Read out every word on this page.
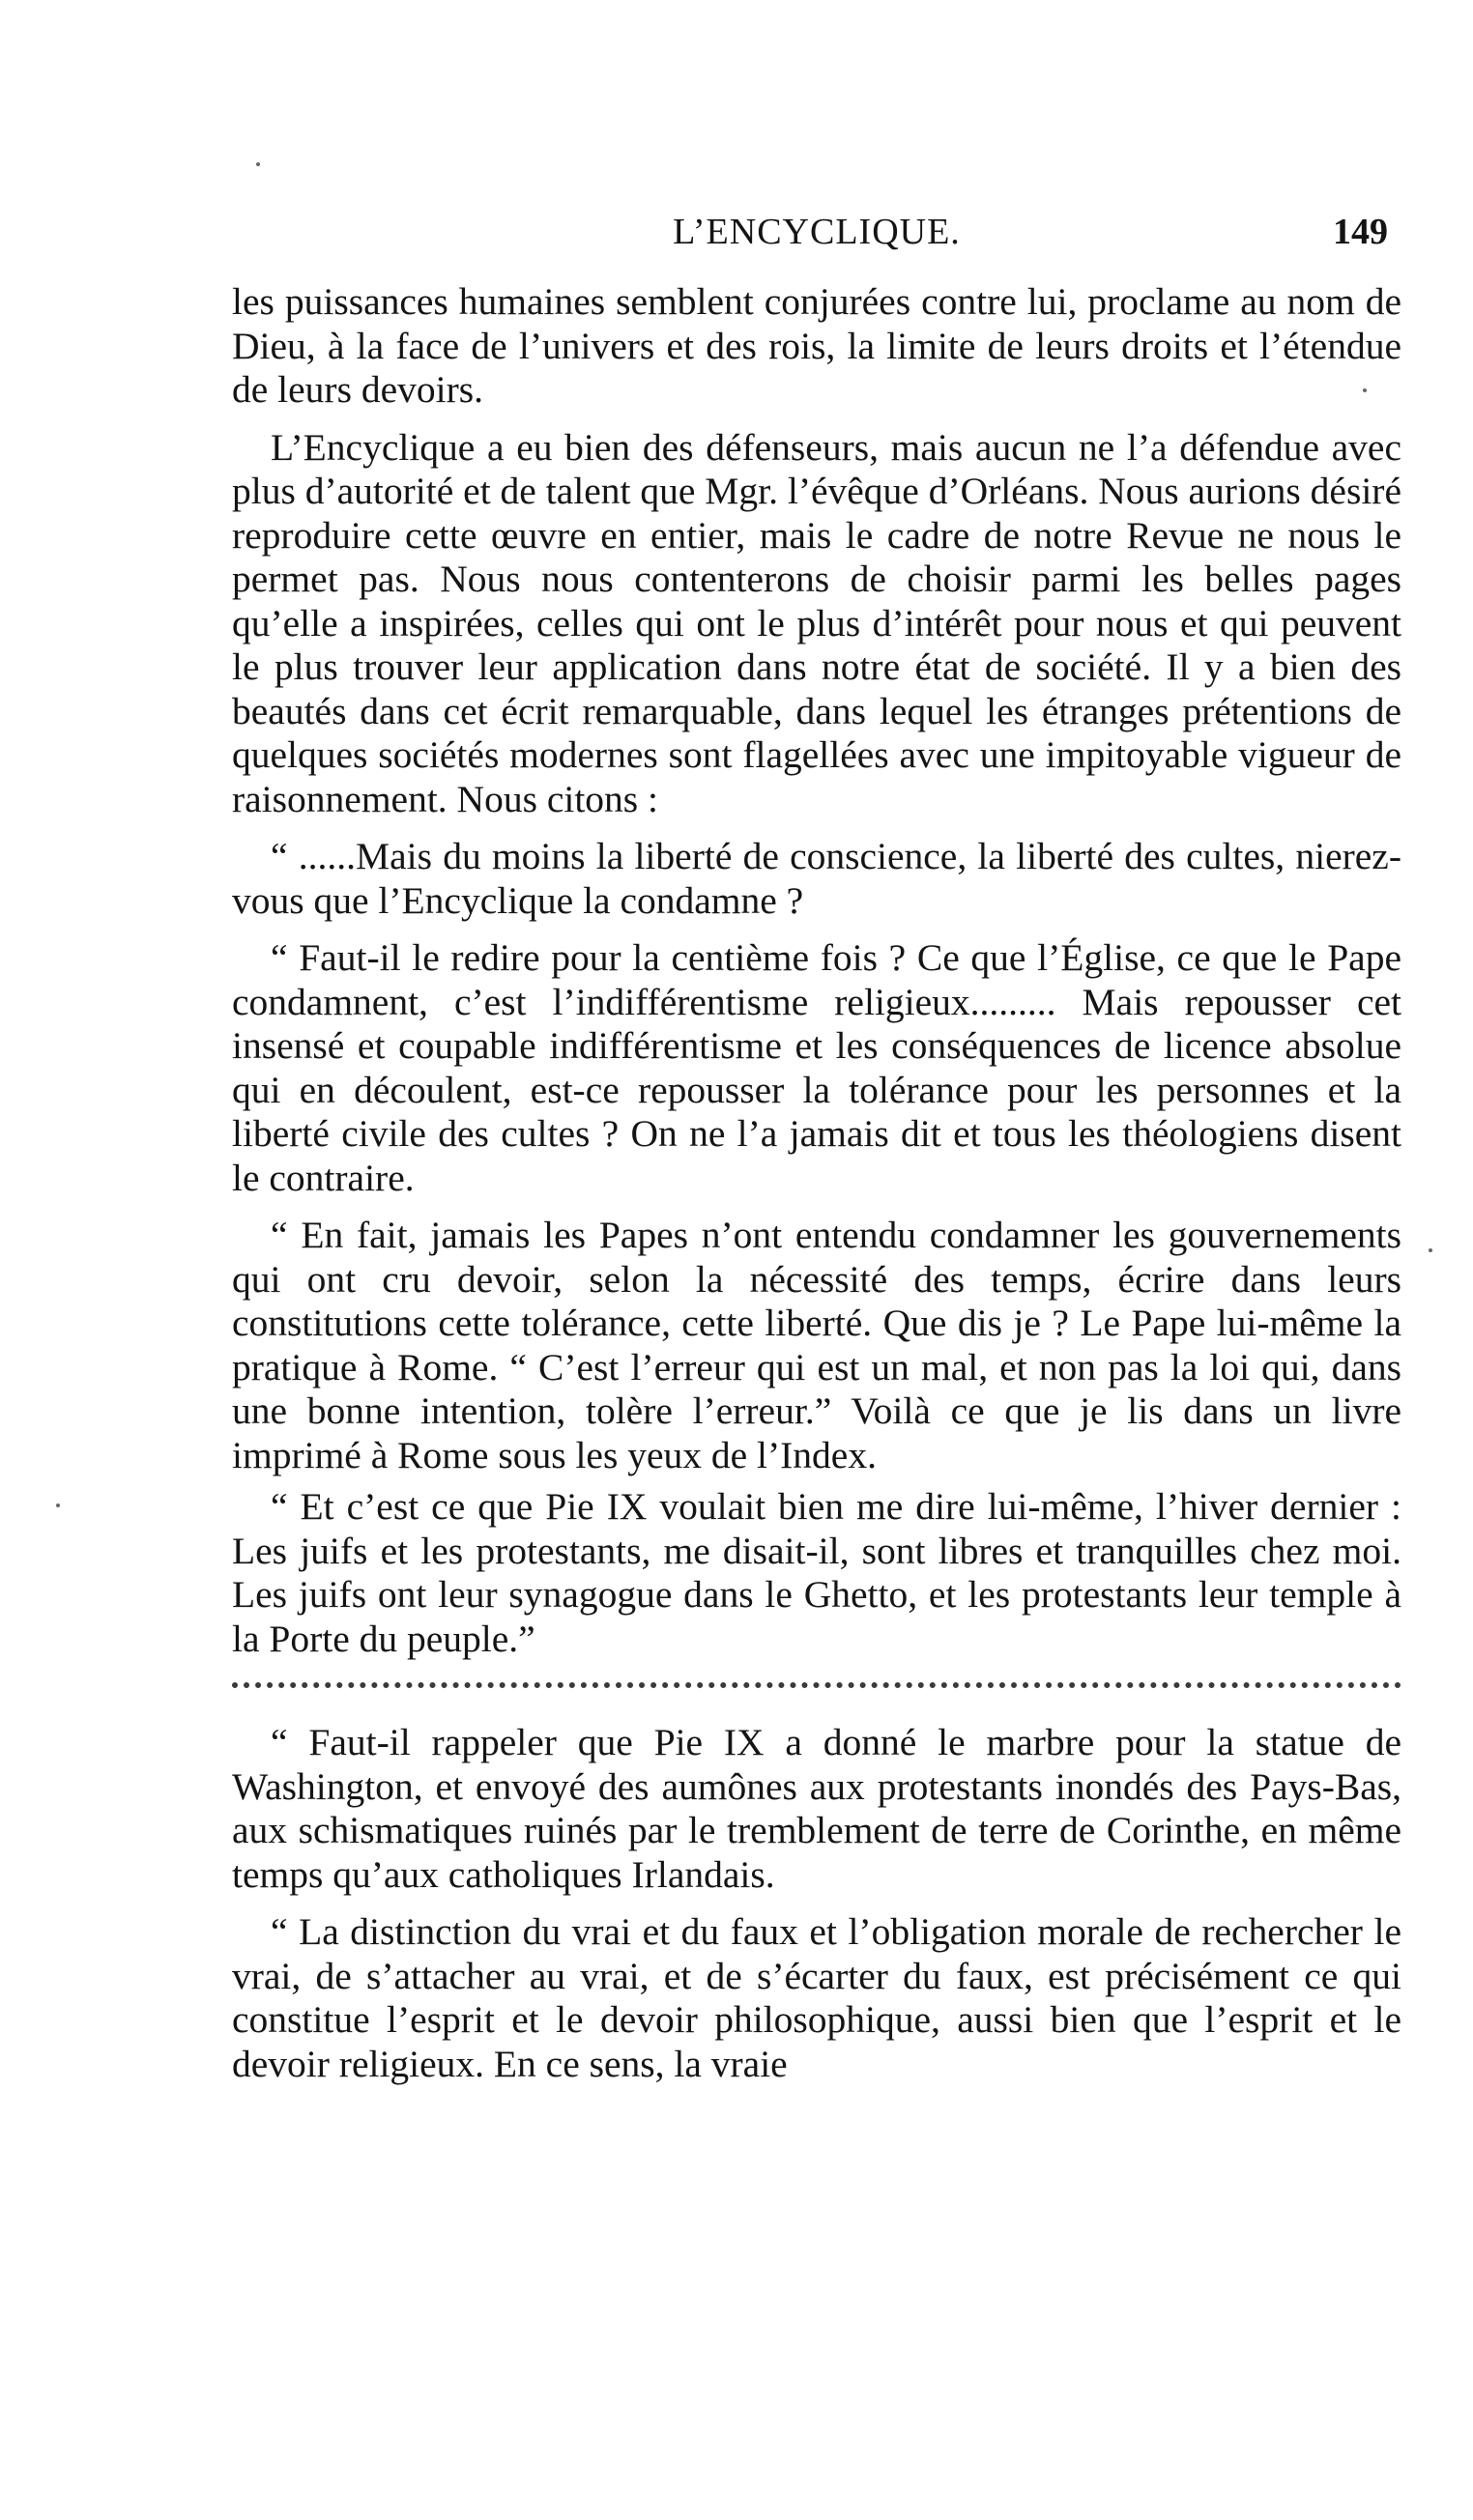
L’ENCYCLIQUE.	149

les puissances humaines semblent conjurées contre lui, proclame au nom de Dieu, à la face de l’univers et des rois, la limite de leurs droits et l’étendue de leurs devoirs.

L’Encyclique a eu bien des défenseurs, mais aucun ne l’a défendue avec plus d’autorité et de talent que Mgr. l’évêque d’Orléans. Nous aurions désiré reproduire cette œuvre en entier, mais le cadre de notre Revue ne nous le permet pas. Nous nous contenterons de choisir parmi les belles pages qu’elle a inspirées, celles qui ont le plus d’intérêt pour nous et qui peuvent le plus trouver leur application dans notre état de société. Il y a bien des beautés dans cet écrit remarquable, dans lequel les étranges prétentions de quelques sociétés modernes sont flagellées avec une impitoyable vigueur de raisonnement. Nous citons :

“ ......Mais du moins la liberté de conscience, la liberté des cultes, nierez-vous que l’Encyclique la condamne ?

“ Faut-il le redire pour la centième fois ? Ce que l’Église, ce que le Pape condamnent, c’est l’indifférentisme religieux......... Mais repousser cet insensé et coupable indifférentisme et les conséquences de licence absolue qui en découlent, est-ce repousser la tolérance pour les personnes et la liberté civile des cultes ? On ne l’a jamais dit et tous les théologiens disent le contraire.

“ En fait, jamais les Papes n’ont entendu condamner les gouvernements qui ont cru devoir, selon la nécessité des temps, écrire dans leurs constitutions cette tolérance, cette liberté. Que dis je ? Le Pape lui-même la pratique à Rome. “ C’est l’erreur qui est un mal, et non pas la loi qui, dans une bonne intention, tolère l’erreur.” Voilà ce que je lis dans un livre imprimé à Rome sous les yeux de l’Index.

“ Et c’est ce que Pie IX voulait bien me dire lui-même, l’hiver dernier : Les juifs et les protestants, me disait-il, sont libres et tranquilles chez moi. Les juifs ont leur synagogue dans le Ghetto, et les protestants leur temple à la Porte du peuple.”

“ Faut-il rappeler que Pie IX a donné le marbre pour la statue de Washington, et envoyé des aumônes aux protestants inondés des Pays-Bas, aux schismatiques ruinés par le tremblement de terre de Corinthe, en même temps qu’aux catholiques Irlandais.

“ La distinction du vrai et du faux et l’obligation morale de rechercher le vrai, de s’attacher au vrai, et de s’écarter du faux, est précisément ce qui constitue l’esprit et le devoir philosophique, aussi bien que l’esprit et le devoir religieux. En ce sens, la vraie
